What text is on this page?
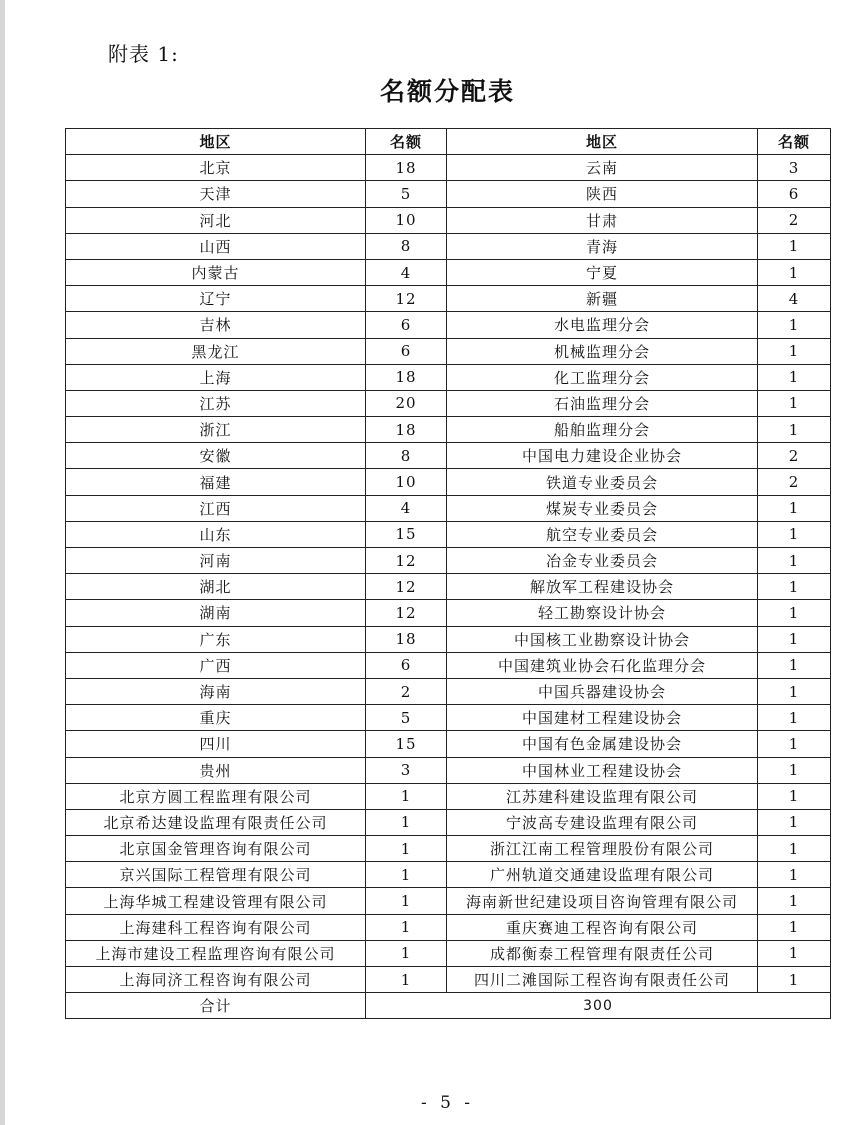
附表 1:
名额分配表
地区	名额	地区	名额
北京	18	云南	3
天津	5	陕西	6
河北	10	甘肃	2
山西	8	青海	1
内蒙古	4	宁夏	1
辽宁	12	新疆	4
吉林	6	水电监理分会	1
黑龙江	6	机械监理分会	1
上海	18	化工监理分会	1
江苏	20	石油监理分会	1
浙江	18	船舶监理分会	1
安徽	8	中国电力建设企业协会	2
福建	10	铁道专业委员会	2
江西	4	煤炭专业委员会	1
山东	15	航空专业委员会	1
河南	12	冶金专业委员会	1
湖北	12	解放军工程建设协会	1
湖南	12	轻工勘察设计协会	1
广东	18	中国核工业勘察设计协会	1
广西	6	中国建筑业协会石化监理分会	1
海南	2	中国兵器建设协会	1
重庆	5	中国建材工程建设协会	1
四川	15	中国有色金属建设协会	1
贵州	3	中国林业工程建设协会	1
北京方圆工程监理有限公司	1	江苏建科建设监理有限公司	1
北京希达建设监理有限责任公司	1	宁波高专建设监理有限公司	1
北京国金管理咨询有限公司	1	浙江江南工程管理股份有限公司	1
京兴国际工程管理有限公司	1	广州轨道交通建设监理有限公司	1
上海华城工程建设管理有限公司	1	海南新世纪建设项目咨询管理有限公司	1
上海建科工程咨询有限公司	1	重庆赛迪工程咨询有限公司	1
上海市建设工程监理咨询有限公司	1	成都衡泰工程管理有限责任公司	1
上海同济工程咨询有限公司	1	四川二滩国际工程咨询有限责任公司	1
合计	300		
- 5 -
